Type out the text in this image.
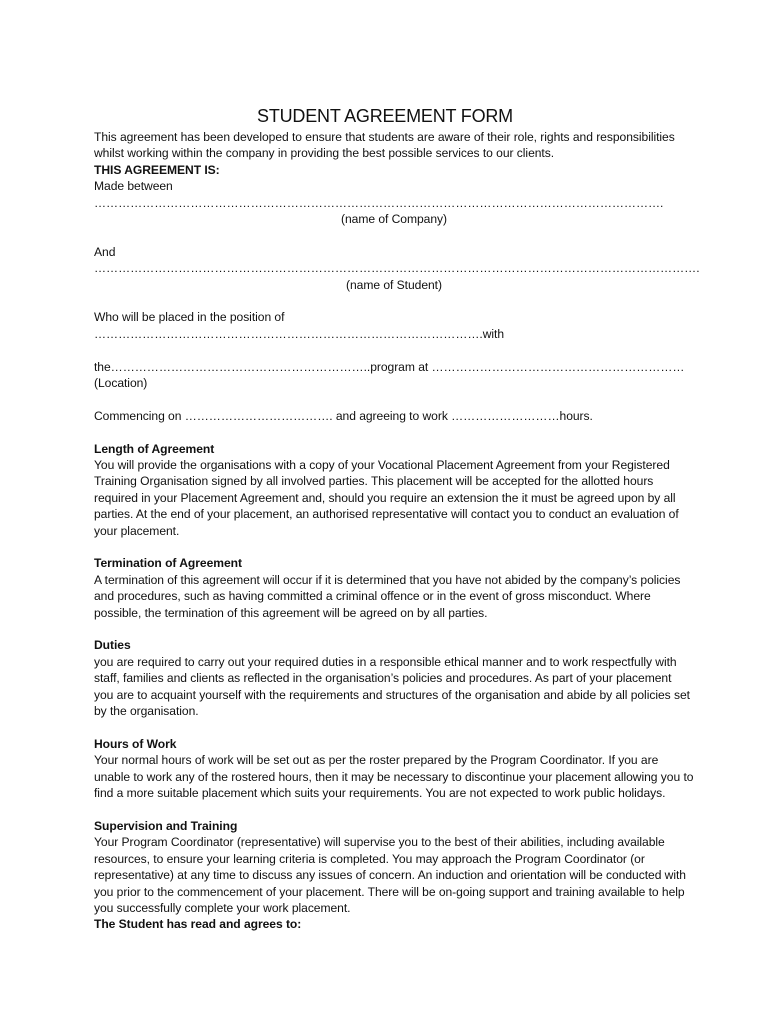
STUDENT AGREEMENT FORM

This agreement has been developed to ensure that students are aware of their role, rights and responsibilities whilst working within the company in providing the best possible services to our clients.

THIS AGREEMENT IS:

Made between …………………………………………………………………………………………………………………………….

(name of Company)

And …………………………………………………………………………………………………………………………………….

(name of Student)

Who will be placed in the position of …………………………………………………………………………………….with

the………………………………………………………..program at ………………………………………………………(Location)

Commencing on ………………………………. and agreeing to work ………………………hours.

Length of Agreement

You will provide the organisations with a copy of your Vocational Placement Agreement from your Registered Training Organisation signed by all involved parties. This placement will be accepted for the allotted hours required in your Placement Agreement and, should you require an extension the it must be agreed upon by all parties. At the end of your placement, an authorised representative will contact you to conduct an evaluation of your placement.

Termination of Agreement

A termination of this agreement will occur if it is determined that you have not abided by the company’s policies and procedures, such as having committed a criminal offence or in the event of gross misconduct. Where possible, the termination of this agreement will be agreed on by all parties.

Duties

you are required to carry out your required duties in a responsible ethical manner and to work respectfully with staff, families and clients as reflected in the organisation’s policies and procedures. As part of your placement you are to acquaint yourself with the requirements and structures of the organisation and abide by all policies set by the organisation.

Hours of Work

Your normal hours of work will be set out as per the roster prepared by the Program Coordinator. If you are unable to work any of the rostered hours, then it may be necessary to discontinue your placement allowing you to find a more suitable placement which suits your requirements. You are not expected to work public holidays.

Supervision and Training

Your Program Coordinator (representative) will supervise you to the best of their abilities, including available resources, to ensure your learning criteria is completed. You may approach the Program Coordinator (or representative) at any time to discuss any issues of concern. An induction and orientation will be conducted with you prior to the commencement of your placement. There will be on-going support and training available to help you successfully complete your work placement.

The Student has read and agrees to:
